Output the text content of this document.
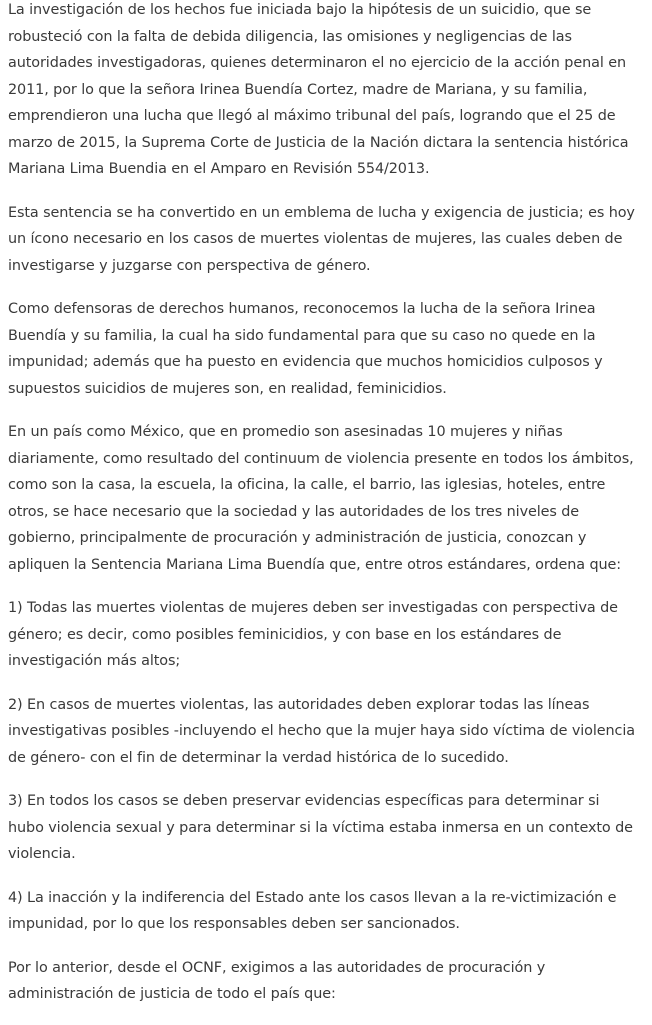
La investigación de los hechos fue iniciada bajo la hipótesis de un suicidio, que se robusteció con la falta de debida diligencia, las omisiones y negligencias de las autoridades investigadoras, quienes determinaron el no ejercicio de la acción penal en 2011, por lo que la señora Irinea Buendía Cortez, madre de Mariana, y su familia, emprendieron una lucha que llegó al máximo tribunal del país, logrando que el 25 de marzo de 2015, la Suprema Corte de Justicia de la Nación dictara la sentencia histórica Mariana Lima Buendia en el Amparo en Revisión 554/2013.

Esta sentencia se ha convertido en un emblema de lucha y exigencia de justicia; es hoy un ícono necesario en los casos de muertes violentas de mujeres, las cuales deben de investigarse y juzgarse con perspectiva de género.

Como defensoras de derechos humanos, reconocemos la lucha de la señora Irinea Buendía y su familia, la cual ha sido fundamental para que su caso no quede en la impunidad; además que ha puesto en evidencia que muchos homicidios culposos y supuestos suicidios de mujeres son, en realidad, feminicidios.

En un país como México, que en promedio son asesinadas 10 mujeres y niñas diariamente, como resultado del continuum de violencia presente en todos los ámbitos, como son la casa, la escuela, la oficina, la calle, el barrio, las iglesias, hoteles, entre otros, se hace necesario que la sociedad y las autoridades de los tres niveles de gobierno, principalmente de procuración y administración de justicia, conozcan y apliquen la Sentencia Mariana Lima Buendía que, entre otros estándares, ordena que:

1) Todas las muertes violentas de mujeres deben ser investigadas con perspectiva de género; es decir, como posibles feminicidios, y con base en los estándares de investigación más altos;

2) En casos de muertes violentas, las autoridades deben explorar todas las líneas investigativas posibles -incluyendo el hecho que la mujer haya sido víctima de violencia de género- con el fin de determinar la verdad histórica de lo sucedido.

3) En todos los casos se deben preservar evidencias específicas para determinar si hubo violencia sexual y para determinar si la víctima estaba inmersa en un contexto de violencia.

4) La inacción y la indiferencia del Estado ante los casos llevan a la re-victimización e impunidad, por lo que los responsables deben ser sancionados.

Por lo anterior, desde el OCNF, exigimos a las autoridades de procuración y administración de justicia de todo el país que:
